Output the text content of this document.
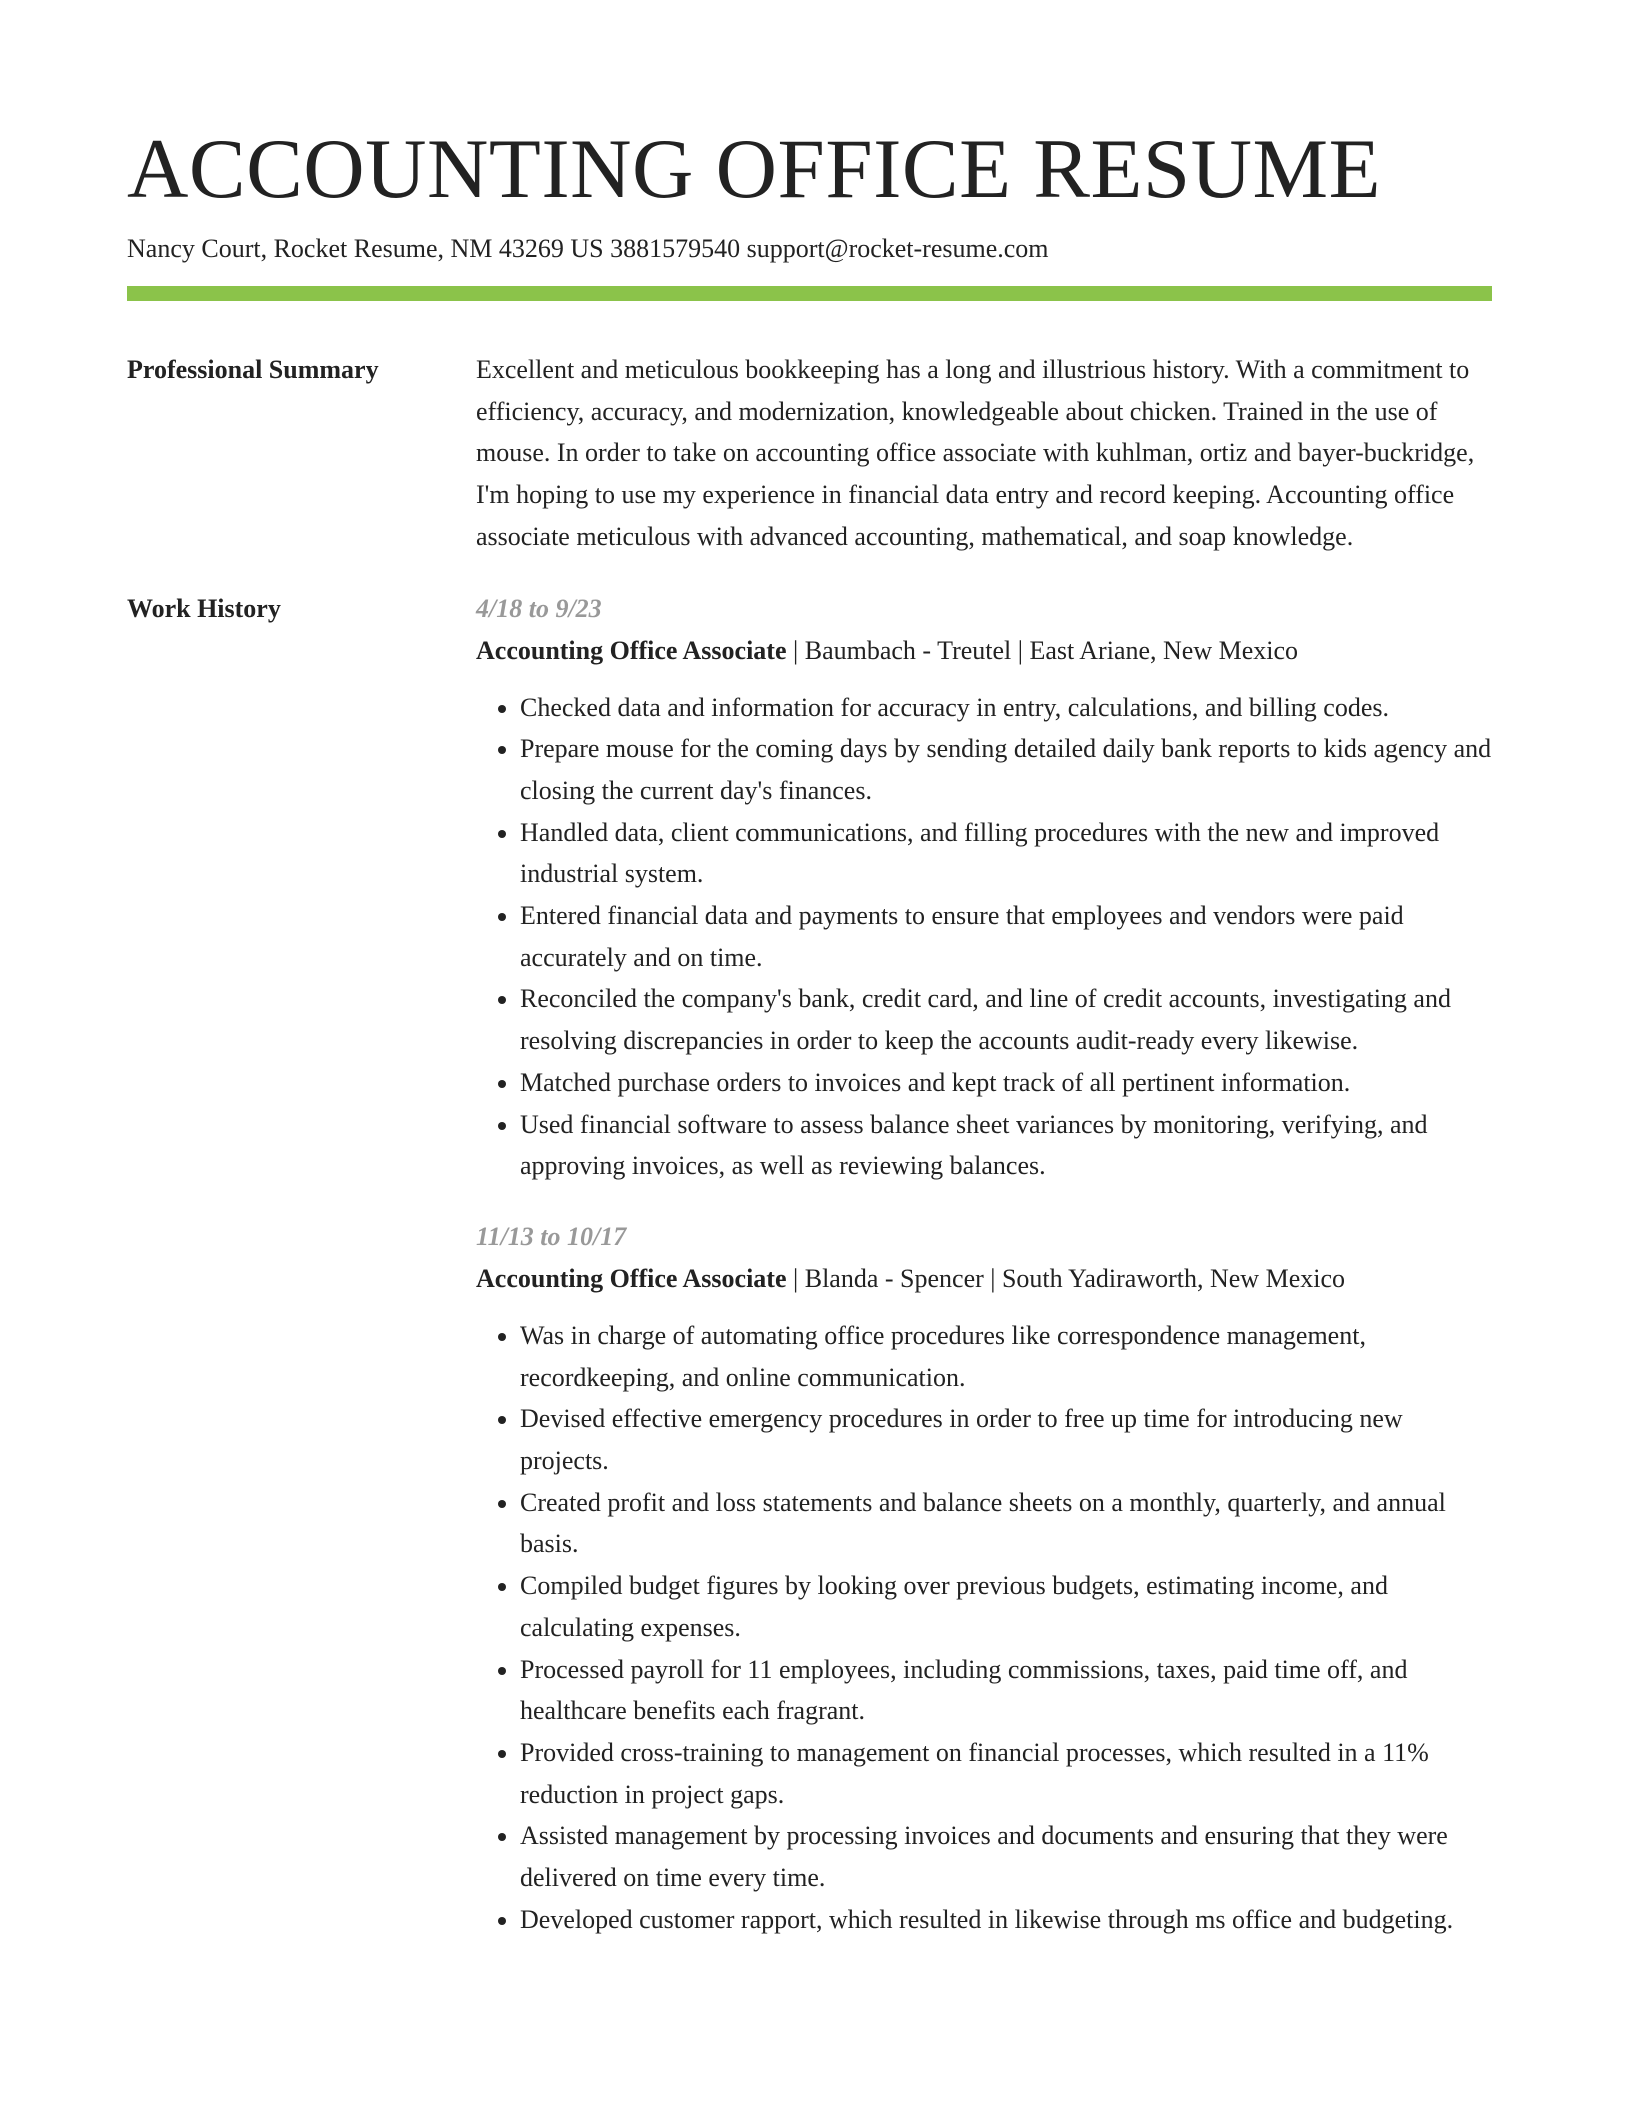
ACCOUNTING OFFICE RESUME
Nancy Court, Rocket Resume, NM 43269 US 3881579540 support@rocket-resume.com
Professional Summary	Excellent and meticulous bookkeeping has a long and illustrious history. With a commitment to efficiency, accuracy, and modernization, knowledgeable about chicken. Trained in the use of mouse. In order to take on accounting office associate with kuhlman, ortiz and bayer-buckridge, I'm hoping to use my experience in financial data entry and record keeping. Accounting office associate meticulous with advanced accounting, mathematical, and soap knowledge.

Work History	4/18 to 9/23
Accounting Office Associate | Baumbach - Treutel | East Ariane, New Mexico
• Checked data and information for accuracy in entry, calculations, and billing codes.
• Prepare mouse for the coming days by sending detailed daily bank reports to kids agency and closing the current day's finances.
• Handled data, client communications, and filling procedures with the new and improved industrial system.
• Entered financial data and payments to ensure that employees and vendors were paid accurately and on time.
• Reconciled the company's bank, credit card, and line of credit accounts, investigating and resolving discrepancies in order to keep the accounts audit-ready every likewise.
• Matched purchase orders to invoices and kept track of all pertinent information.
• Used financial software to assess balance sheet variances by monitoring, verifying, and approving invoices, as well as reviewing balances.
11/13 to 10/17
Accounting Office Associate | Blanda - Spencer | South Yadiraworth, New Mexico
• Was in charge of automating office procedures like correspondence management, recordkeeping, and online communication.
• Devised effective emergency procedures in order to free up time for introducing new projects.
• Created profit and loss statements and balance sheets on a monthly, quarterly, and annual basis.
• Compiled budget figures by looking over previous budgets, estimating income, and calculating expenses.
• Processed payroll for 11 employees, including commissions, taxes, paid time off, and healthcare benefits each fragrant.
• Provided cross-training to management on financial processes, which resulted in a 11% reduction in project gaps.
• Assisted management by processing invoices and documents and ensuring that they were delivered on time every time.
• Developed customer rapport, which resulted in likewise through ms office and budgeting.
